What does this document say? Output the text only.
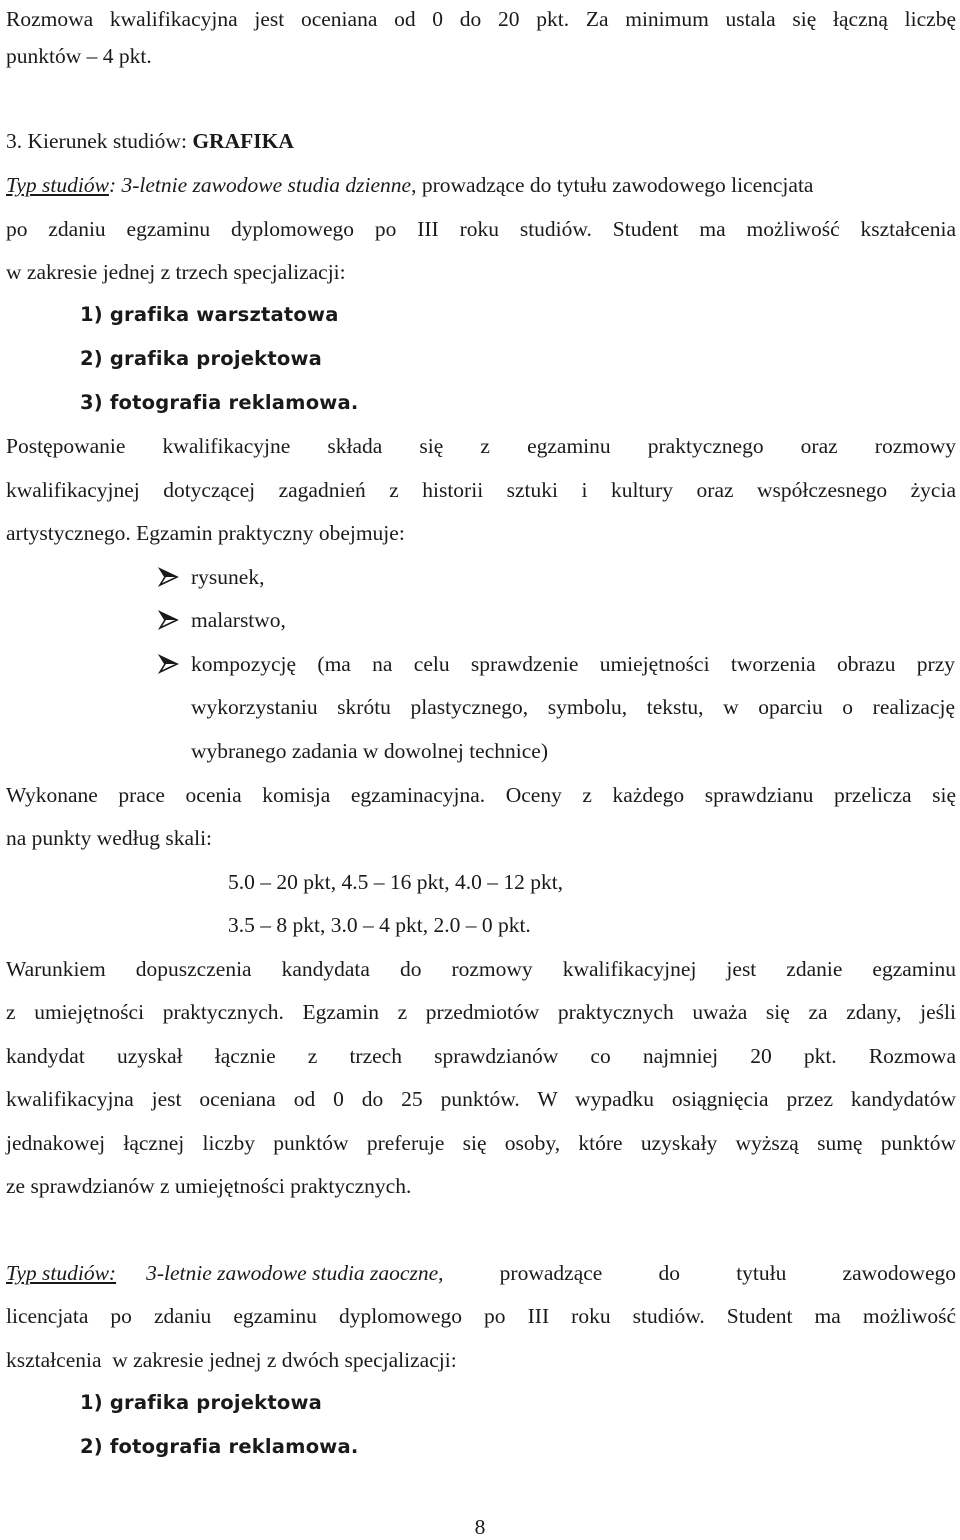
Rozmowa kwalifikacyjna jest oceniana od 0 do 20 pkt. Za minimum ustala się łączną liczbę
punktów – 4 pkt.
3. Kierunek studiów: GRAFIKA
Typ studiów: 3-letnie zawodowe studia dzienne, prowadzące do tytułu zawodowego licencjata
po zdaniu egzaminu dyplomowego po III roku studiów. Student ma możliwość kształcenia
w zakresie jednej z trzech specjalizacji:
1) grafika warsztatowa
2) grafika projektowa
3) fotografia reklamowa.
Postępowanie kwalifikacyjne składa się z egzaminu praktycznego oraz rozmowy
kwalifikacyjnej dotyczącej zagadnień z historii sztuki i kultury oraz współczesnego życia
artystycznego. Egzamin praktyczny obejmuje:
rysunek,
malarstwo,
kompozycję (ma na celu sprawdzenie umiejętności tworzenia obrazu przy
wykorzystaniu skrótu plastycznego, symbolu, tekstu, w oparciu o realizację
wybranego zadania w dowolnej technice)
Wykonane prace ocenia komisja egzaminacyjna. Oceny z każdego sprawdzianu przelicza się
na punkty według skali:
5.0 – 20 pkt, 4.5 – 16 pkt, 4.0 – 12 pkt,
3.5 – 8 pkt, 3.0 – 4 pkt, 2.0 – 0 pkt.
Warunkiem dopuszczenia kandydata do rozmowy kwalifikacyjnej jest zdanie egzaminu
z umiejętności praktycznych. Egzamin z przedmiotów praktycznych uważa się za zdany, jeśli
kandydat uzyskał łącznie z trzech sprawdzianów co najmniej 20 pkt. Rozmowa
kwalifikacyjna jest oceniana od 0 do 25 punktów. W wypadku osiągnięcia przez kandydatów
jednakowej łącznej liczby punktów preferuje się osoby, które uzyskały wyższą sumę punktów
ze sprawdzianów z umiejętności praktycznych.
Typ studiów: 3-letnie zawodowe studia zaoczne , prowadzące do tytułu zawodowego
licencjata po zdaniu egzaminu dyplomowego po III roku studiów. Student ma możliwość
kształcenia  w zakresie jednej z dwóch specjalizacji:
1) grafika projektowa
2) fotografia reklamowa.
8
